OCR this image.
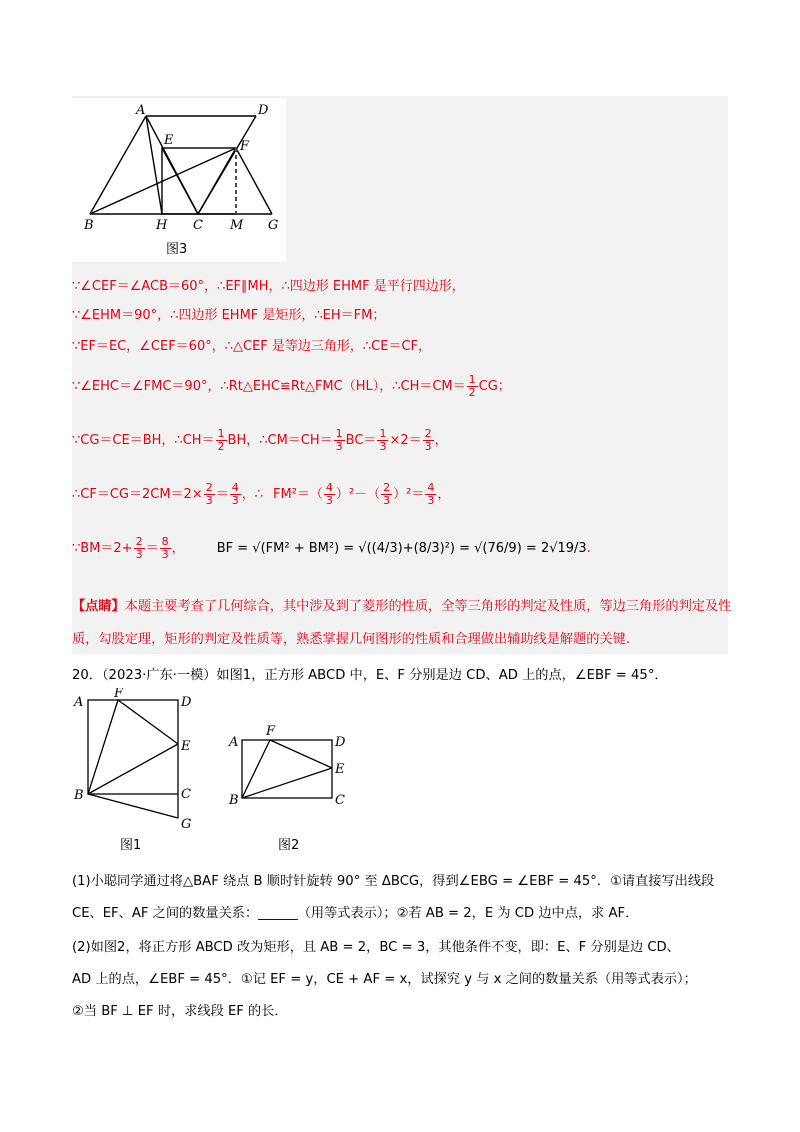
A	D
E	F
B	H C M G
图3
∵∠CEF＝∠ACB＝60°，∴EF∥MH，∴四边形 EHMF 是平行四边形，
∵∠EHM＝90°，∴四边形 EHMF 是矩形，∴EH＝FM；
∵EF＝EC，∠CEF＝60°，∴△CEF 是等边三角形，∴CE＝CF，
∵∠EHC＝∠FMC＝90°，∴Rt△EHC≌Rt△FMC（HL），∴CH＝CM＝ $\frac{1}{2}$ CG；
∵CG＝CE＝BH，∴CH＝ $\frac{1}{2}$ BH，∴CM＝CH＝ $\frac{1}{3} BC= \frac{1}{3} \times 2= \frac{2}{3}$ ，
∴CF＝CG＝2CM＝2× $\frac{2}{3} = \frac{4}{3}$ ，∴ $FM^2=( \frac{4}{3} )^2-( \frac{2}{3} )^2= \frac{4}{3}$ ，
∵BM＝2+ $\frac{2}{3} = \frac{8}{3}$ ， BF = √(FM² + BM²) = √((4/3)+(8/3)²) = √(76/9) = 2√19/3.
【点睛】本题主要考查了几何综合，其中涉及到了菱形的性质，全等三角形的判定及性质，等边三角形的判定及性质，勾股定理，矩形的判定及性质等，熟悉掌握几何图形的性质和合理做出辅助线是解题的关键.
20．（2023·广东·一模）如图1，正方形 ABCD 中，E、F 分别是边 CD、AD 上的点，∠EBF = 45°．
A
F
D
E
B	C
G
图1
A
F
D
E
B	C
图2
(1)小聪同学通过将△BAF 绕点 B 顺时针旋转 90° 至 ΔBCG，得到∠EBG = ∠EBF = 45°．①请直接写出线段
CE、EF、AF 之间的数量关系：______（用等式表示）；②若 AB = 2，E 为 CD 边中点，求 AF．
(2)如图2，将正方形 ABCD 改为矩形，且 AB = 2，BC = 3，其他条件不变，即：E、F 分别是边 CD、
AD 上的点，∠EBF = 45°．①记 EF = y，CE + AF = x，试探究 y 与 x 之间的数量关系（用等式表示）；
②当 BF ⊥ EF 时，求线段 EF 的长．
